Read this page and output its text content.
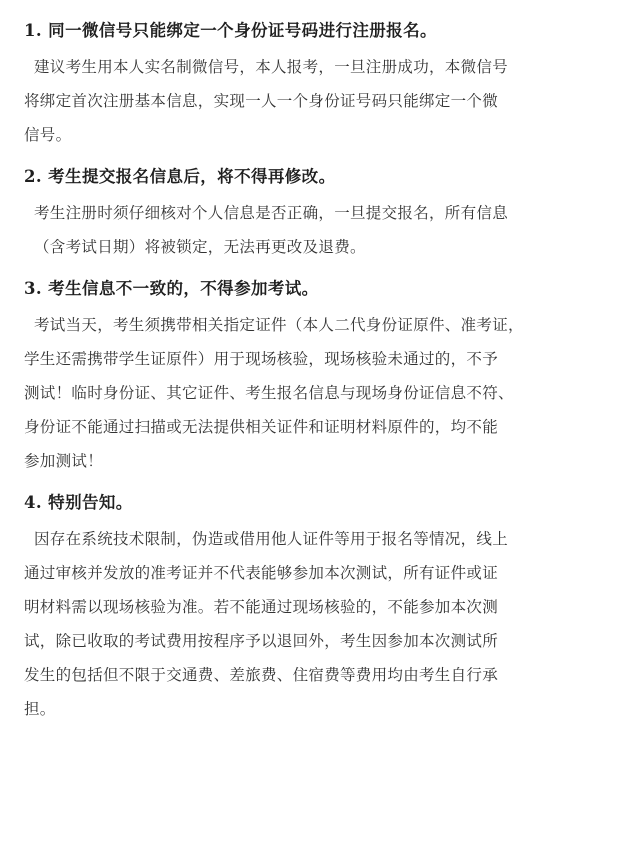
1. 同一微信号只能绑定一个身份证号码进行注册报名。

建议考生用本人实名制微信号，本人报考，一旦注册成功，本微信号
将绑定首次注册基本信息，实现一人一个身份证号码只能绑定一个微
信号。

2. 考生提交报名信息后，将不得再修改。

考生注册时须仔细核对个人信息是否正确，一旦提交报名，所有信息
（含考试日期）将被锁定，无法再更改及退费。

3. 考生信息不一致的，不得参加考试。

考试当天，考生须携带相关指定证件（本人二代身份证原件、准考证，
学生还需携带学生证原件）用于现场核验，现场核验未通过的，不予
测试！临时身份证、其它证件、考生报名信息与现场身份证信息不符、
身份证不能通过扫描或无法提供相关证件和证明材料原件的，均不能
参加测试！

4. 特别告知。

因存在系统技术限制，伪造或借用他人证件等用于报名等情况，线上
通过审核并发放的准考证并不代表能够参加本次测试，所有证件或证
明材料需以现场核验为准。若不能通过现场核验的，不能参加本次测
试，除已收取的考试费用按程序予以退回外，考生因参加本次测试所
发生的包括但不限于交通费、差旅费、住宿费等费用均由考生自行承
担。
